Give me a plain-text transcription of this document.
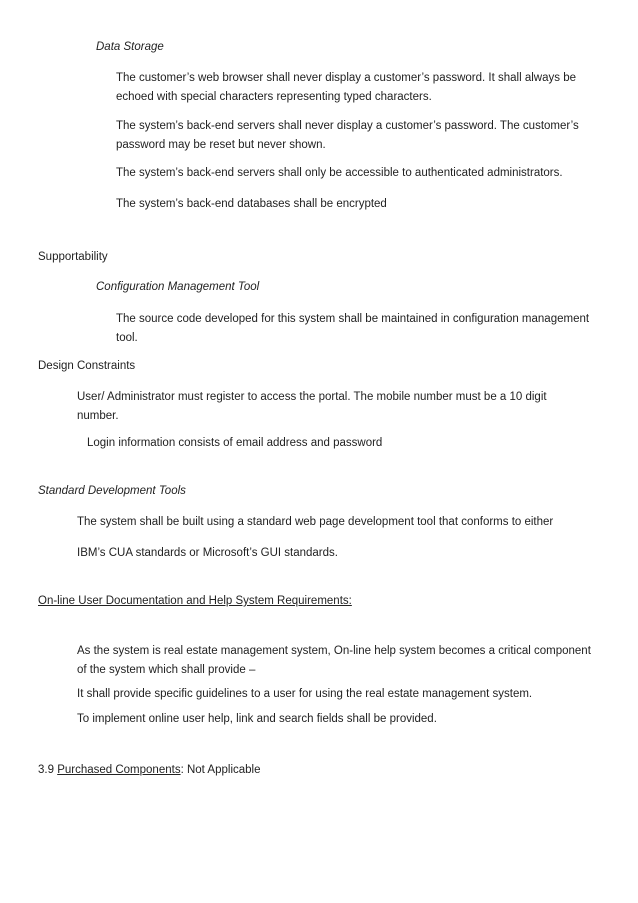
Data Storage
The customer’s web browser shall never display a customer’s password. It shall always be echoed with special characters representing typed characters.
The system’s back-end servers shall never display a customer’s password. The customer’s password may be reset but never shown.
The system’s back-end servers shall only be accessible to authenticated administrators.
The system’s back-end databases shall be encrypted
Supportability
Configuration Management Tool
The source code developed for this system shall be maintained in configuration management tool.
Design Constraints
User/ Administrator must register to access the portal. The mobile number must be a 10 digit number.
Login information consists of email address and password
Standard Development Tools
The system shall be built using a standard web page development tool that conforms to either
IBM’s CUA standards or Microsoft’s GUI standards.
On-line User Documentation and Help System Requirements:
As the system is real estate management system, On-line help system becomes a critical component of the system which shall provide –
It shall provide specific guidelines to a user for using the real estate management system.
To implement online user help, link and search fields shall be provided.
3.9 Purchased Components: Not Applicable
